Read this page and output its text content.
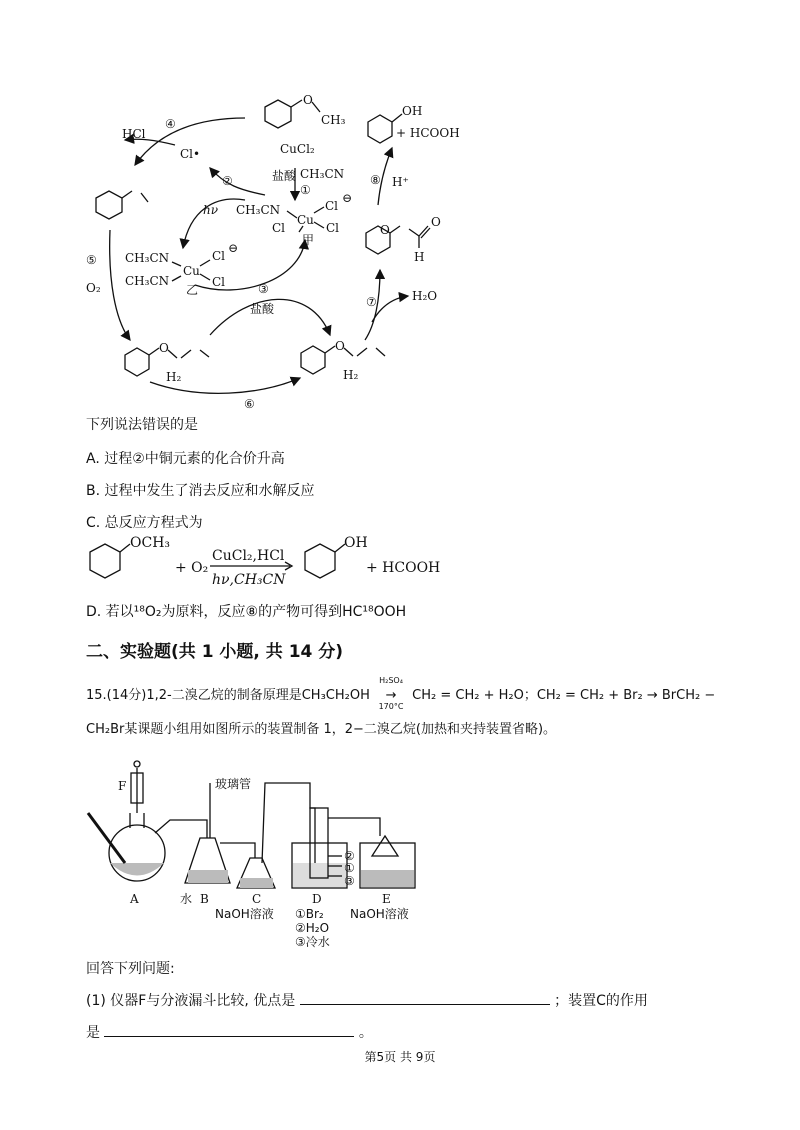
O
CH₃
OH
+ HCOOH
HCl
④
Cl•	CuCl₂
盐酸 CH₃CN
①
⑧ H⁺
②
hν CH₃CN
Cu
Cl
⊖
Cl	Cl
甲
O
O
H
⑤ CH₃CN
CH₃CN
Cu
Cl
⊖
Cl
乙
O₂	③
盐酸	⑦	H₂O
⑥
O
H₂
O
H₂
下列说法错误的是
A. 过程②中铜元素的化合价升高
B. 过程中发生了消去反应和水解反应
C. 总反应方程式为
OCH₃
+ O₂
CuCl₂,HCl
hν,CH₃CN
OH
+ HCOOH
D. 若以¹⁸O₂为原料，反应⑧的产物可得到HC¹⁸OOH
二、实验题(共 1 小题, 共 14 分)
15.(14分)1,2-二溴乙烷的制备原理是CH₃CH₂OH
H₂SO₄
→
170°C
CH₂ = CH₂ + H₂O；CH₂ = CH₂ + Br₂ → BrCH₂ −
CH₂Br某课题小组用如图所示的装置制备 1，2−二溴乙烷(加热和夹持装置省略)。
F	玻璃管
A	水 B	C
NaOH溶液
D	E
NaOH溶液
②
①
③
①Br₂
②H₂O
③冷水
回答下列问题:
(1) 仪器F与分液漏斗比较, 优点是	；装置C的作用
是	。
第5页 共 9页
